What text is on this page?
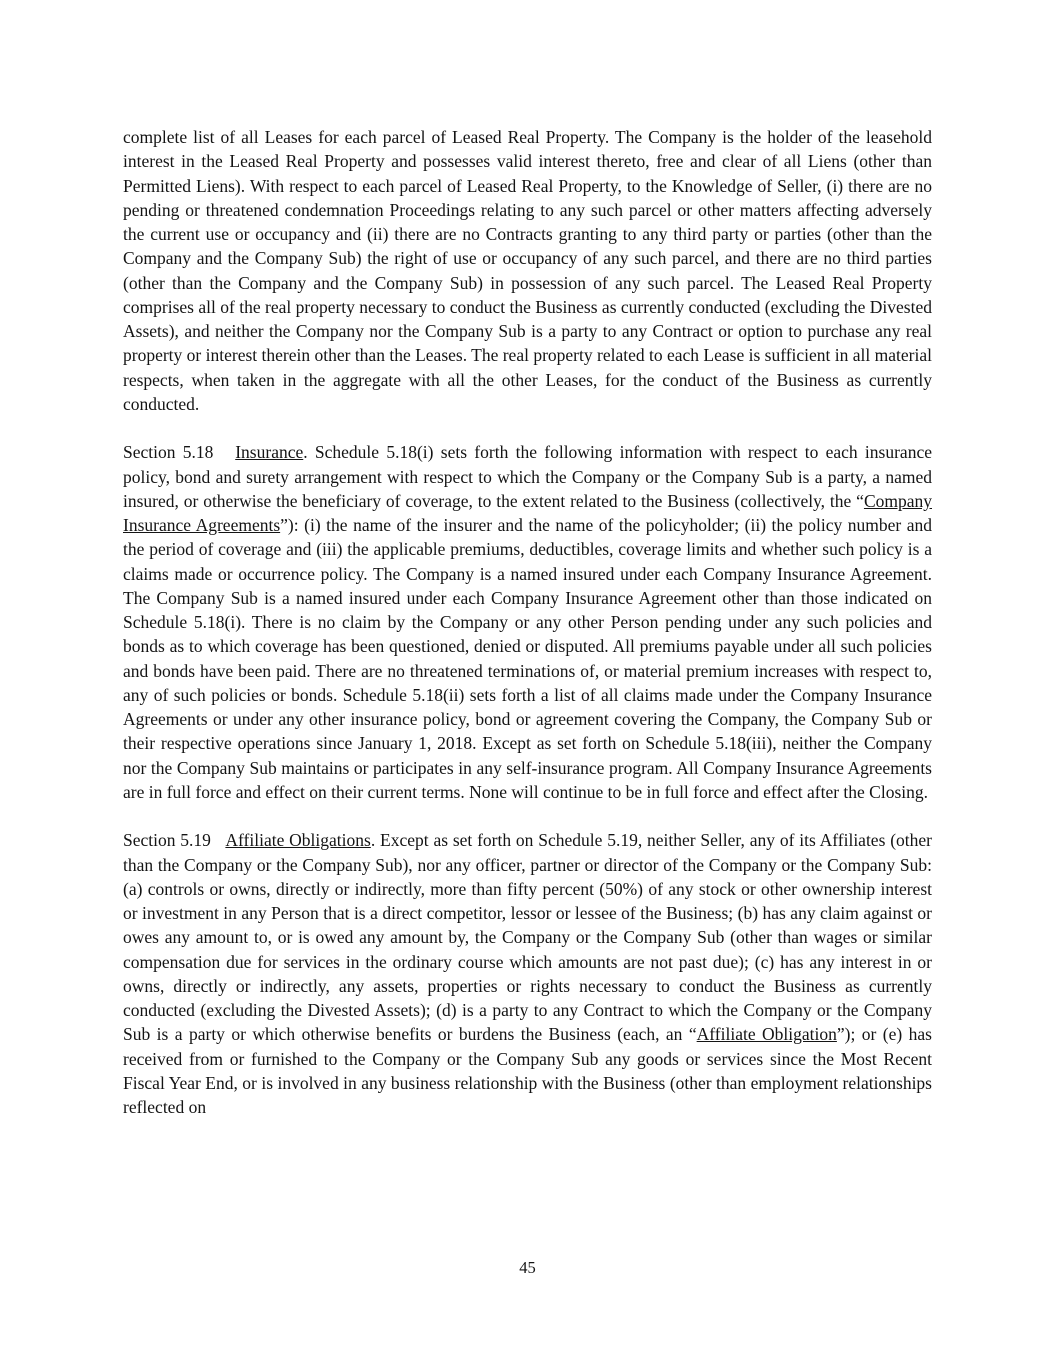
complete list of all Leases for each parcel of Leased Real Property. The Company is the holder of the leasehold interest in the Leased Real Property and possesses valid interest thereto, free and clear of all Liens (other than Permitted Liens). With respect to each parcel of Leased Real Property, to the Knowledge of Seller, (i) there are no pending or threatened condemnation Proceedings relating to any such parcel or other matters affecting adversely the current use or occupancy and (ii) there are no Contracts granting to any third party or parties (other than the Company and the Company Sub) the right of use or occupancy of any such parcel, and there are no third parties (other than the Company and the Company Sub) in possession of any such parcel. The Leased Real Property comprises all of the real property necessary to conduct the Business as currently conducted (excluding the Divested Assets), and neither the Company nor the Company Sub is a party to any Contract or option to purchase any real property or interest therein other than the Leases. The real property related to each Lease is sufficient in all material respects, when taken in the aggregate with all the other Leases, for the conduct of the Business as currently conducted.

Section 5.18   Insurance. Schedule 5.18(i) sets forth the following information with respect to each insurance policy, bond and surety arrangement with respect to which the Company or the Company Sub is a party, a named insured, or otherwise the beneficiary of coverage, to the extent related to the Business (collectively, the “Company Insurance Agreements”): (i) the name of the insurer and the name of the policyholder; (ii) the policy number and the period of coverage and (iii) the applicable premiums, deductibles, coverage limits and whether such policy is a claims made or occurrence policy. The Company is a named insured under each Company Insurance Agreement. The Company Sub is a named insured under each Company Insurance Agreement other than those indicated on Schedule 5.18(i). There is no claim by the Company or any other Person pending under any such policies and bonds as to which coverage has been questioned, denied or disputed. All premiums payable under all such policies and bonds have been paid. There are no threatened terminations of, or material premium increases with respect to, any of such policies or bonds. Schedule 5.18(ii) sets forth a list of all claims made under the Company Insurance Agreements or under any other insurance policy, bond or agreement covering the Company, the Company Sub or their respective operations since January 1, 2018. Except as set forth on Schedule 5.18(iii), neither the Company nor the Company Sub maintains or participates in any self-insurance program. All Company Insurance Agreements are in full force and effect on their current terms. None will continue to be in full force and effect after the Closing.

Section 5.19   Affiliate Obligations. Except as set forth on Schedule 5.19, neither Seller, any of its Affiliates (other than the Company or the Company Sub), nor any officer, partner or director of the Company or the Company Sub: (a) controls or owns, directly or indirectly, more than fifty percent (50%) of any stock or other ownership interest or investment in any Person that is a direct competitor, lessor or lessee of the Business; (b) has any claim against or owes any amount to, or is owed any amount by, the Company or the Company Sub (other than wages or similar compensation due for services in the ordinary course which amounts are not past due); (c) has any interest in or owns, directly or indirectly, any assets, properties or rights necessary to conduct the Business as currently conducted (excluding the Divested Assets); (d) is a party to any Contract to which the Company or the Company Sub is a party or which otherwise benefits or burdens the Business (each, an “Affiliate Obligation”); or (e) has received from or furnished to the Company or the Company Sub any goods or services since the Most Recent Fiscal Year End, or is involved in any business relationship with the Business (other than employment relationships reflected on

45
